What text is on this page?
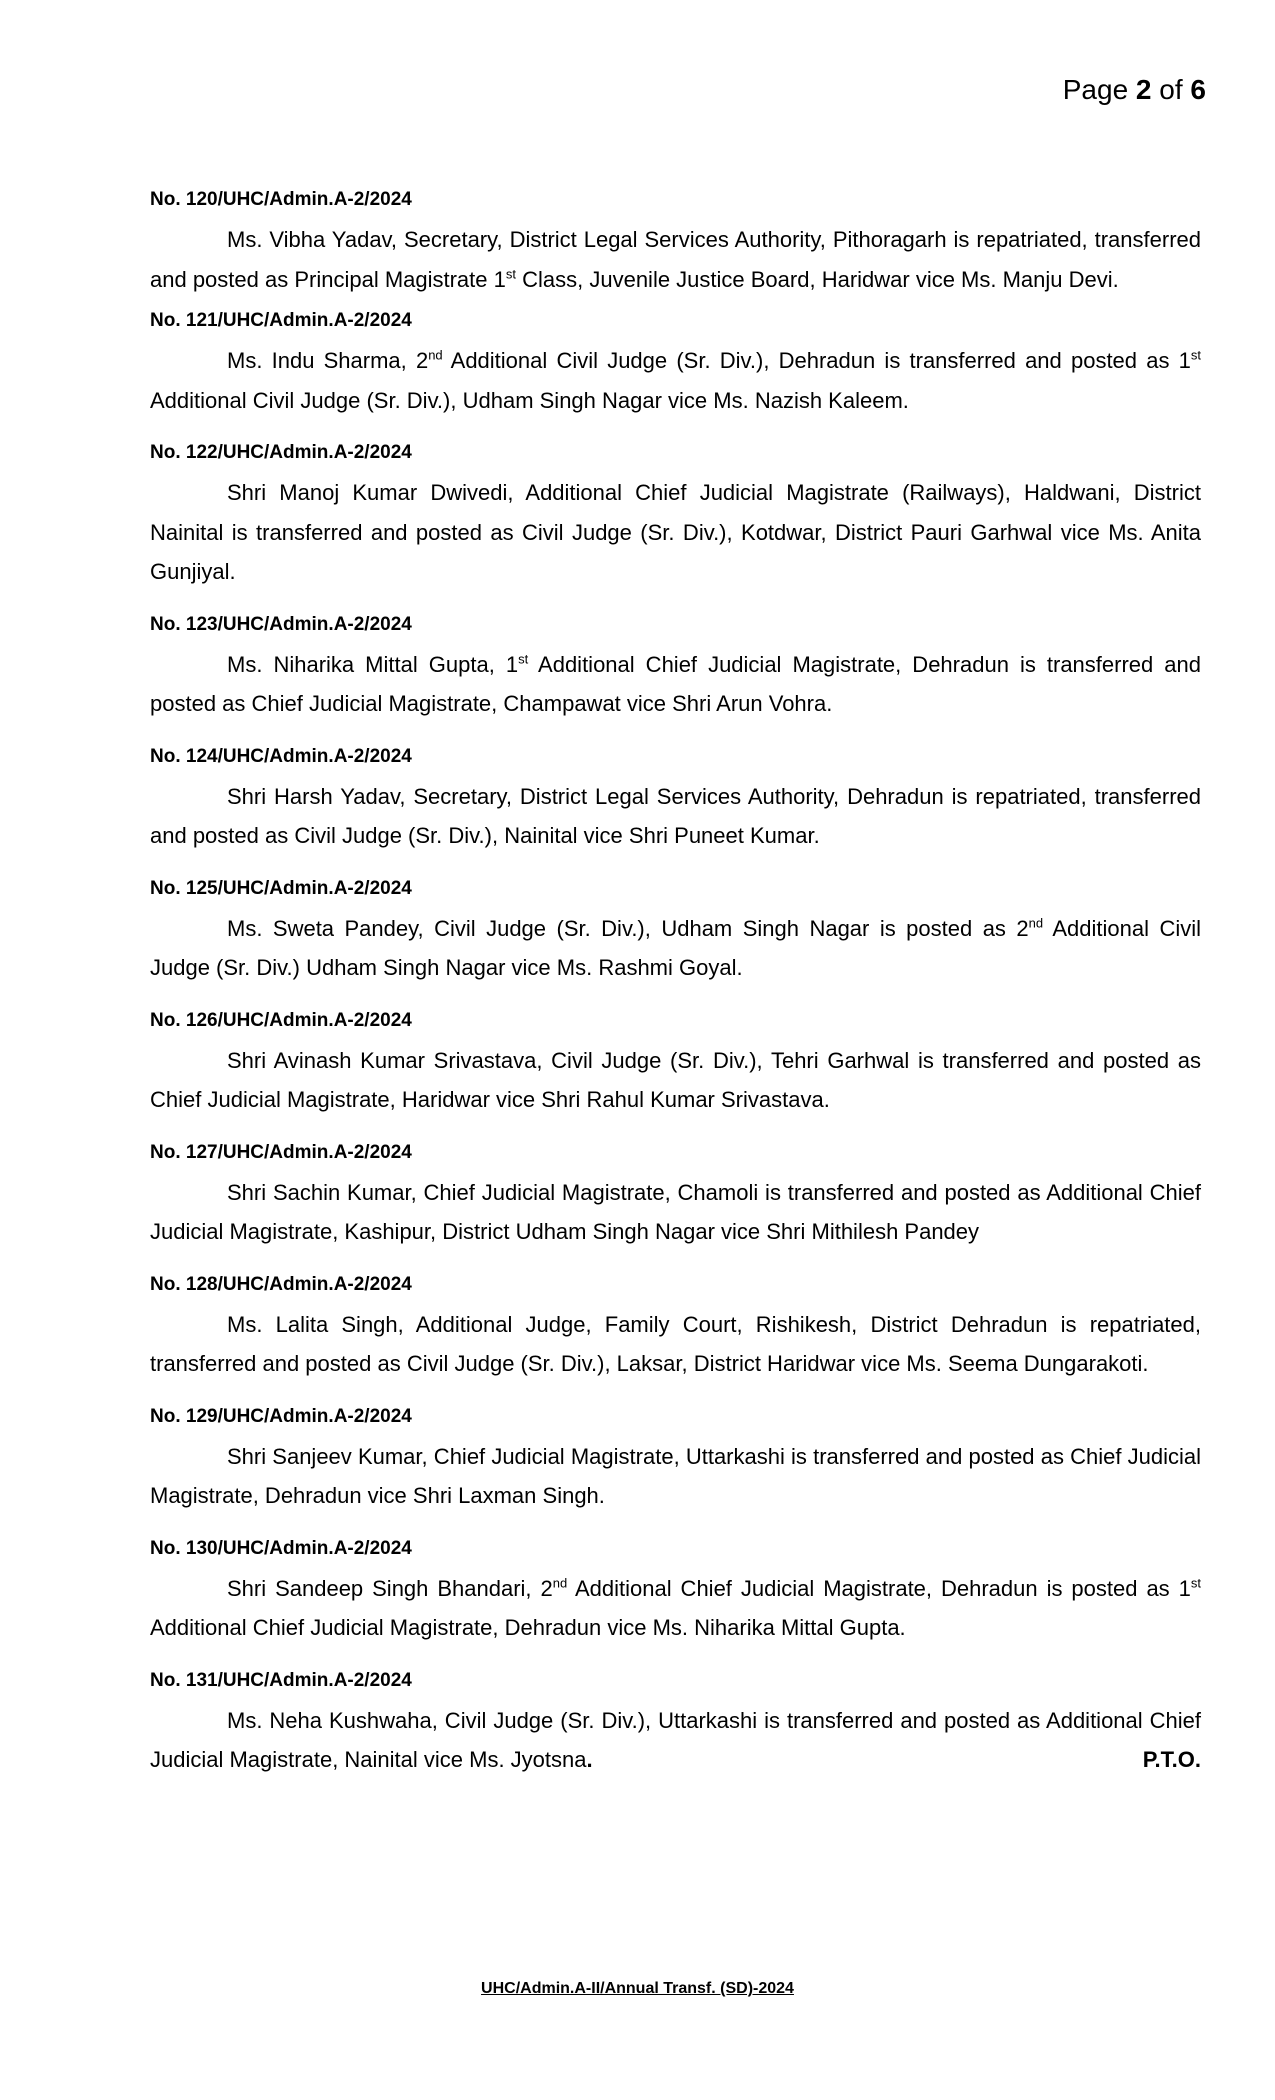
Page 2 of 6
No. 120/UHC/Admin.A-2/2024

Ms. Vibha Yadav, Secretary, District Legal Services Authority, Pithoragarh is repatriated, transferred and posted as Principal Magistrate 1st Class, Juvenile Justice Board, Haridwar vice Ms. Manju Devi.

No. 121/UHC/Admin.A-2/2024

Ms. Indu Sharma, 2nd Additional Civil Judge (Sr. Div.), Dehradun is transferred and posted as 1st Additional Civil Judge (Sr. Div.), Udham Singh Nagar vice Ms. Nazish Kaleem.

No. 122/UHC/Admin.A-2/2024

Shri Manoj Kumar Dwivedi, Additional Chief Judicial Magistrate (Railways), Haldwani, District Nainital is transferred and posted as Civil Judge (Sr. Div.), Kotdwar, District Pauri Garhwal vice Ms. Anita Gunjiyal.

No. 123/UHC/Admin.A-2/2024

Ms. Niharika Mittal Gupta, 1st Additional Chief Judicial Magistrate, Dehradun is transferred and posted as Chief Judicial Magistrate, Champawat vice Shri Arun Vohra.

No. 124/UHC/Admin.A-2/2024

Shri Harsh Yadav, Secretary, District Legal Services Authority, Dehradun is repatriated, transferred and posted as Civil Judge (Sr. Div.), Nainital vice Shri Puneet Kumar.

No. 125/UHC/Admin.A-2/2024

Ms. Sweta Pandey, Civil Judge (Sr. Div.), Udham Singh Nagar is posted as 2nd Additional Civil Judge (Sr. Div.) Udham Singh Nagar vice Ms. Rashmi Goyal.

No. 126/UHC/Admin.A-2/2024

Shri Avinash Kumar Srivastava, Civil Judge (Sr. Div.), Tehri Garhwal is transferred and posted as Chief Judicial Magistrate, Haridwar vice Shri Rahul Kumar Srivastava.

No. 127/UHC/Admin.A-2/2024

Shri Sachin Kumar, Chief Judicial Magistrate, Chamoli is transferred and posted as Additional Chief Judicial Magistrate, Kashipur, District Udham Singh Nagar vice Shri Mithilesh Pandey

No. 128/UHC/Admin.A-2/2024

Ms. Lalita Singh, Additional Judge, Family Court, Rishikesh, District Dehradun is repatriated, transferred and posted as Civil Judge (Sr. Div.), Laksar, District Haridwar vice Ms. Seema Dungarakoti.

No. 129/UHC/Admin.A-2/2024

Shri Sanjeev Kumar, Chief Judicial Magistrate, Uttarkashi is transferred and posted as Chief Judicial Magistrate, Dehradun vice Shri Laxman Singh.

No. 130/UHC/Admin.A-2/2024

Shri Sandeep Singh Bhandari, 2nd Additional Chief Judicial Magistrate, Dehradun is posted as 1st Additional Chief Judicial Magistrate, Dehradun vice Ms. Niharika Mittal Gupta.

No. 131/UHC/Admin.A-2/2024

Ms. Neha Kushwaha, Civil Judge (Sr. Div.), Uttarkashi is transferred and posted as Additional Chief Judicial Magistrate, Nainital vice Ms. Jyotsna.	P.T.O.

UHC/Admin.A-II/Annual Transf. (SD)-2024
